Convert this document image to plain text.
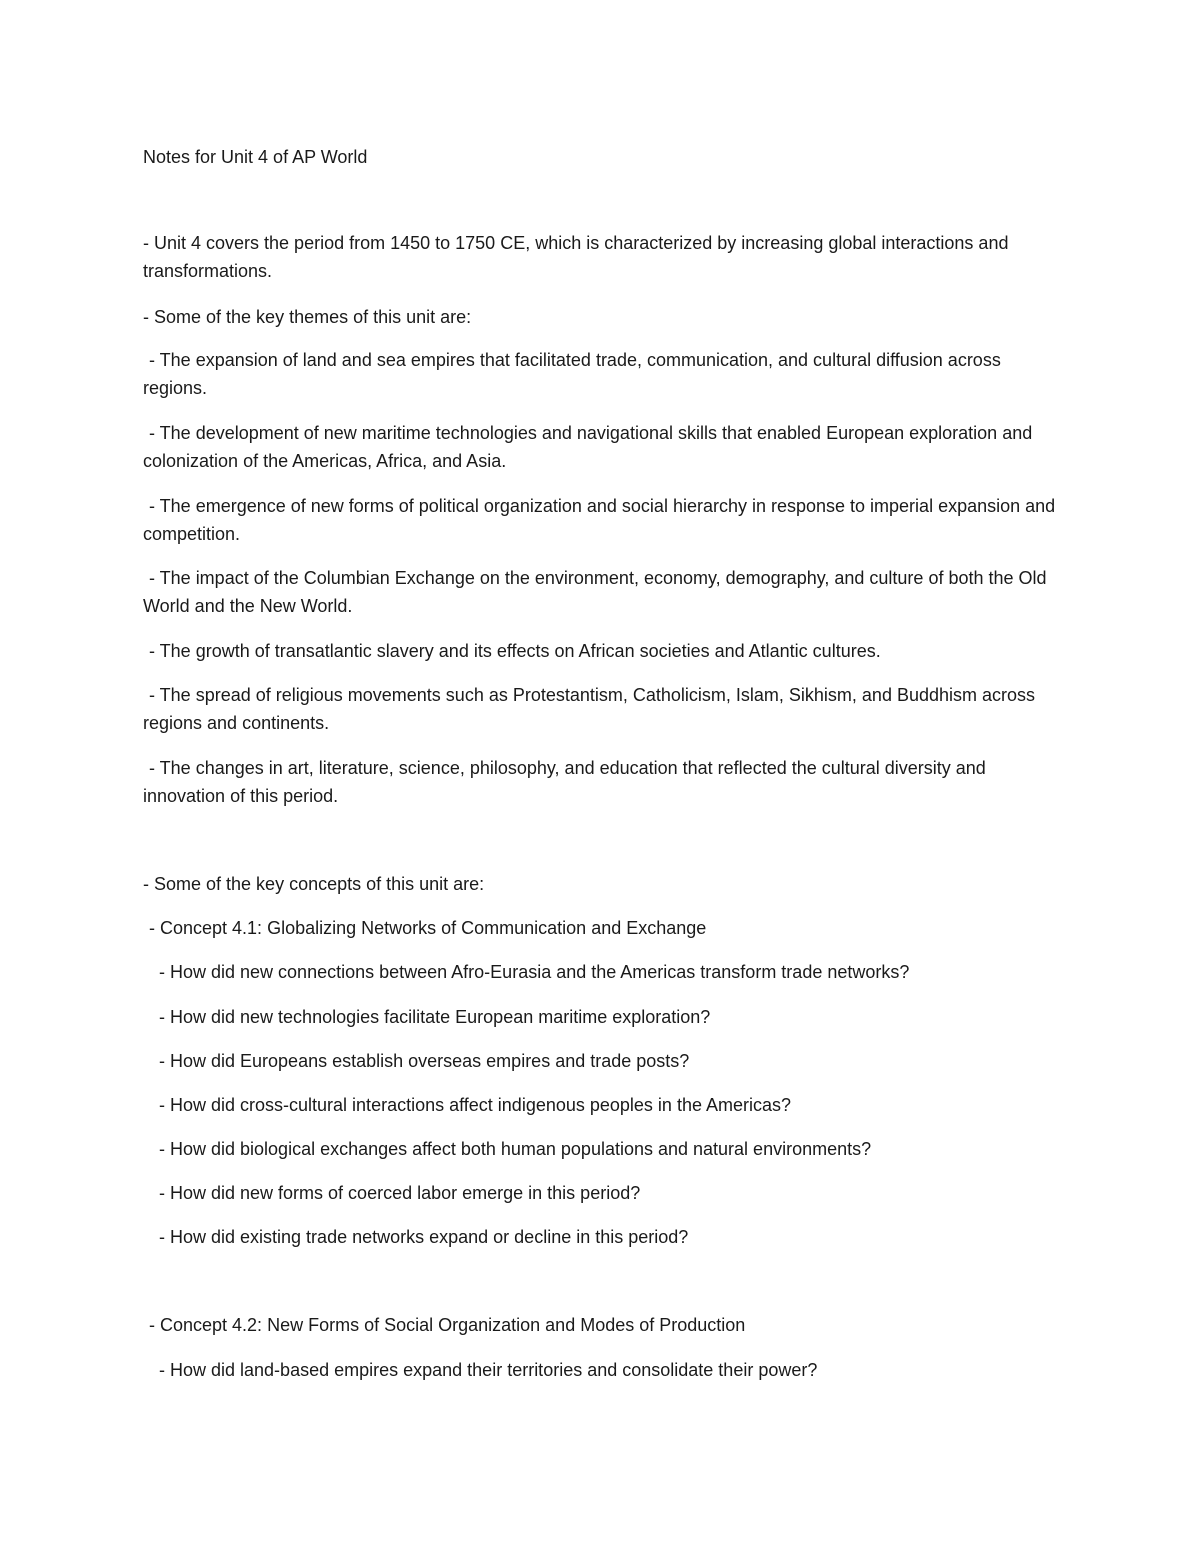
Notes for Unit 4 of AP World
- Unit 4 covers the period from 1450 to 1750 CE, which is characterized by increasing global interactions and transformations.
- Some of the key themes of this unit are:
- The expansion of land and sea empires that facilitated trade, communication, and cultural diffusion across regions.
- The development of new maritime technologies and navigational skills that enabled European exploration and colonization of the Americas, Africa, and Asia.
- The emergence of new forms of political organization and social hierarchy in response to imperial expansion and competition.
- The impact of the Columbian Exchange on the environment, economy, demography, and culture of both the Old World and the New World.
- The growth of transatlantic slavery and its effects on African societies and Atlantic cultures.
- The spread of religious movements such as Protestantism, Catholicism, Islam, Sikhism, and Buddhism across regions and continents.
- The changes in art, literature, science, philosophy, and education that reflected the cultural diversity and innovation of this period.
- Some of the key concepts of this unit are:
- Concept 4.1: Globalizing Networks of Communication and Exchange
- How did new connections between Afro-Eurasia and the Americas transform trade networks?
- How did new technologies facilitate European maritime exploration?
- How did Europeans establish overseas empires and trade posts?
- How did cross-cultural interactions affect indigenous peoples in the Americas?
- How did biological exchanges affect both human populations and natural environments?
- How did new forms of coerced labor emerge in this period?
- How did existing trade networks expand or decline in this period?
- Concept 4.2: New Forms of Social Organization and Modes of Production
- How did land-based empires expand their territories and consolidate their power?
